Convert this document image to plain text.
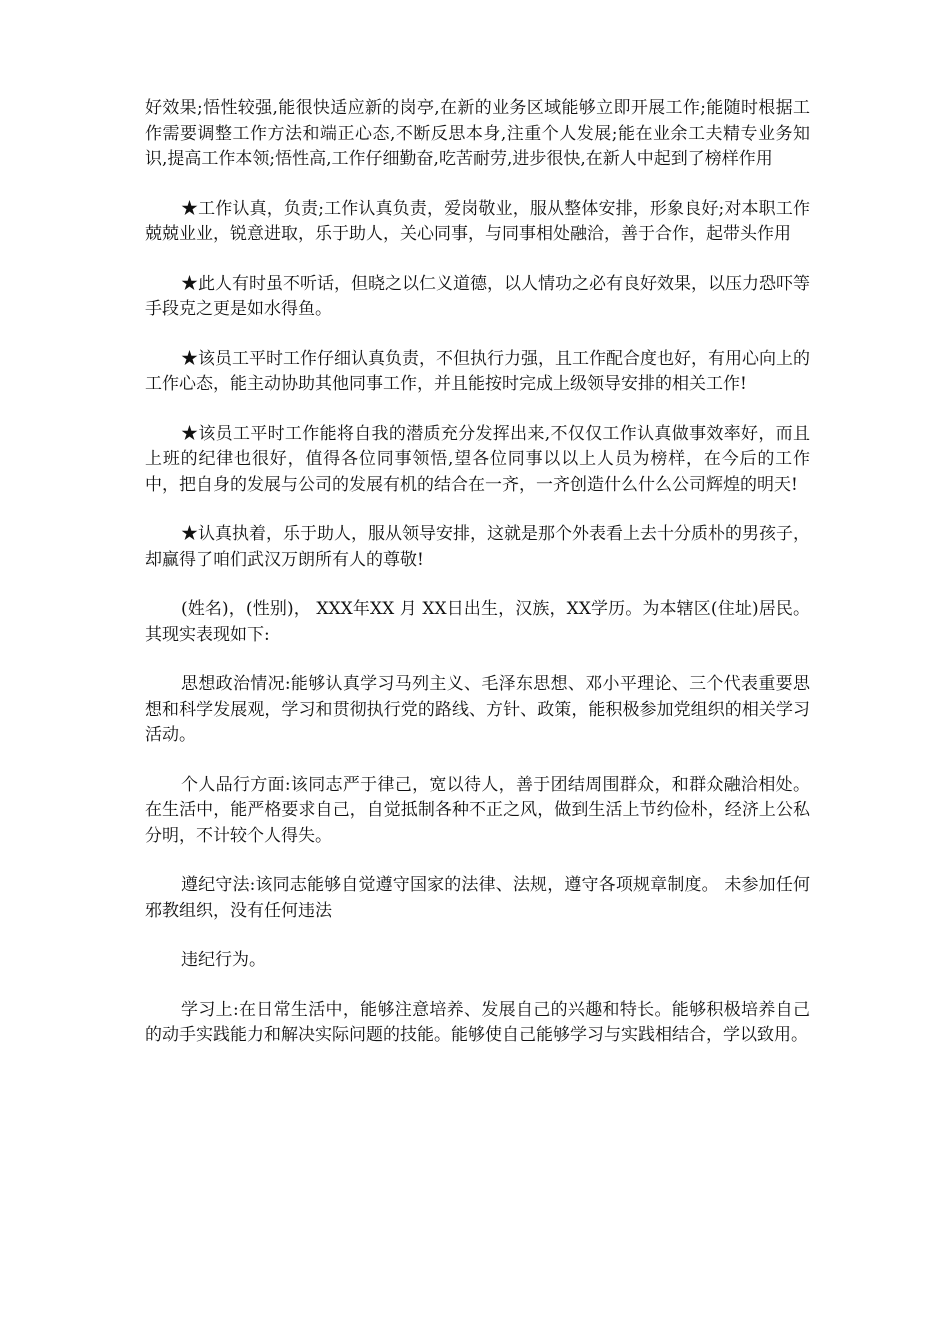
好效果;悟性较强,能很快适应新的岗亭,在新的业务区域能够立即开展工作;能随时根据工作需要调整工作方法和端正心态,不断反思本身,注重个人发展;能在业余工夫精专业务知识,提高工作本领;悟性高,工作仔细勤奋,吃苦耐劳,进步很快,在新人中起到了榜样作用

★工作认真，负责;工作认真负责，爱岗敬业，服从整体安排，形象良好;对本职工作兢兢业业，锐意进取，乐于助人，关心同事，与同事相处融洽，善于合作，起带头作用

★此人有时虽不听话，但晓之以仁义道德，以人情功之必有良好效果，以压力恐吓等手段克之更是如水得鱼。

★该员工平时工作仔细认真负责，不但执行力强，且工作配合度也好，有用心向上的工作心态，能主动协助其他同事工作，并且能按时完成上级领导安排的相关工作!

★该员工平时工作能将自我的潜质充分发挥出来,不仅仅工作认真做事效率好，而且上班的纪律也很好，值得各位同事领悟,望各位同事以以上人员为榜样，在今后的工作中，把自身的发展与公司的发展有机的结合在一齐，一齐创造什么什么公司辉煌的明天!

★认真执着，乐于助人，服从领导安排，这就是那个外表看上去十分质朴的男孩子，却赢得了咱们武汉万朗所有人的尊敬!

(姓名)，(性别)， XXX年XX 月 XX日出生，汉族，XX学历。为本辖区(住址)居民。其现实表现如下:

思想政治情况:能够认真学习马列主义、毛泽东思想、邓小平理论、三个代表重要思想和科学发展观，学习和贯彻执行党的路线、方针、政策，能积极参加党组织的相关学习活动。

个人品行方面:该同志严于律己，宽以待人，善于团结周围群众，和群众融洽相处。在生活中，能严格要求自己，自觉抵制各种不正之风，做到生活上节约俭朴，经济上公私分明，不计较个人得失。

遵纪守法:该同志能够自觉遵守国家的法律、法规，遵守各项规章制度。 未参加任何邪教组织，没有任何违法

违纪行为。

学习上:在日常生活中，能够注意培养、发展自己的兴趣和特长。能够积极培养自己的动手实践能力和解决实际问题的技能。能够使自己能够学习与实践相结合，学以致用。
